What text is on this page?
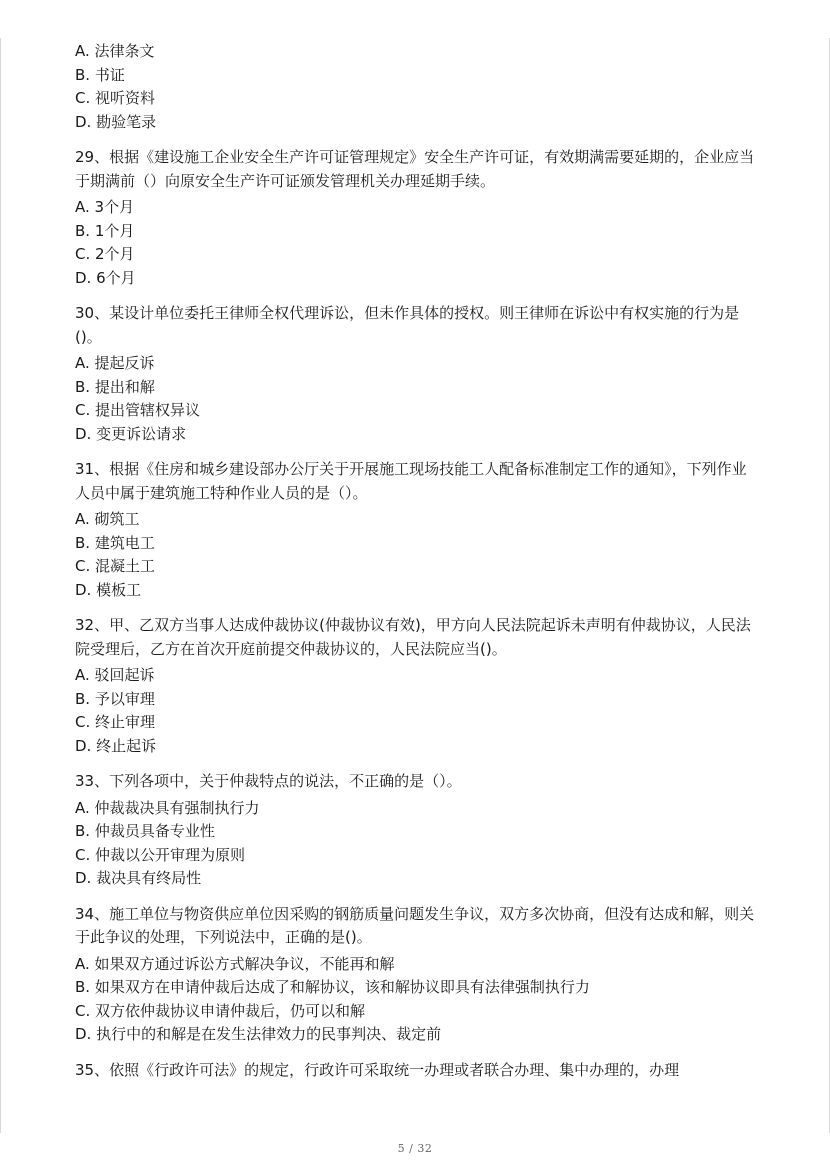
A. 法律条文

B. 书证

C. 视听资料

D. 勘验笔录

29、根据《建设施工企业安全生产许可证管理规定》安全生产许可证，有效期满需要延期的，企业应当于期满前（）向原安全生产许可证颁发管理机关办理延期手续。

A. 3个月

B. 1个月

C. 2个月

D. 6个月

30、某设计单位委托王律师全权代理诉讼，但未作具体的授权。则王律师在诉讼中有权实施的行为是()。

A. 提起反诉

B. 提出和解

C. 提出管辖权异议

D. 变更诉讼请求

31、根据《住房和城乡建设部办公厅关于开展施工现场技能工人配备标准制定工作的通知》，下列作业人员中属于建筑施工特种作业人员的是（）。

A. 砌筑工

B. 建筑电工

C. 混凝土工

D. 模板工

32、甲、乙双方当事人达成仲裁协议(仲裁协议有效)，甲方向人民法院起诉未声明有仲裁协议，人民法院受理后，乙方在首次开庭前提交仲裁协议的，人民法院应当()。

A. 驳回起诉

B. 予以审理

C. 终止审理

D. 终止起诉

33、下列各项中，关于仲裁特点的说法，不正确的是（）。

A. 仲裁裁决具有强制执行力

B. 仲裁员具备专业性

C. 仲裁以公开审理为原则

D. 裁决具有终局性

34、施工单位与物资供应单位因采购的钢筋质量问题发生争议，双方多次协商，但没有达成和解，则关于此争议的处理，下列说法中，正确的是()。

A. 如果双方通过诉讼方式解决争议，不能再和解

B. 如果双方在申请仲裁后达成了和解协议，该和解协议即具有法律强制执行力

C. 双方依仲裁协议申请仲裁后，仍可以和解

D. 执行中的和解是在发生法律效力的民事判决、裁定前

35、依照《行政许可法》的规定，行政许可采取统一办理或者联合办理、集中办理的，办理

5 / 32
